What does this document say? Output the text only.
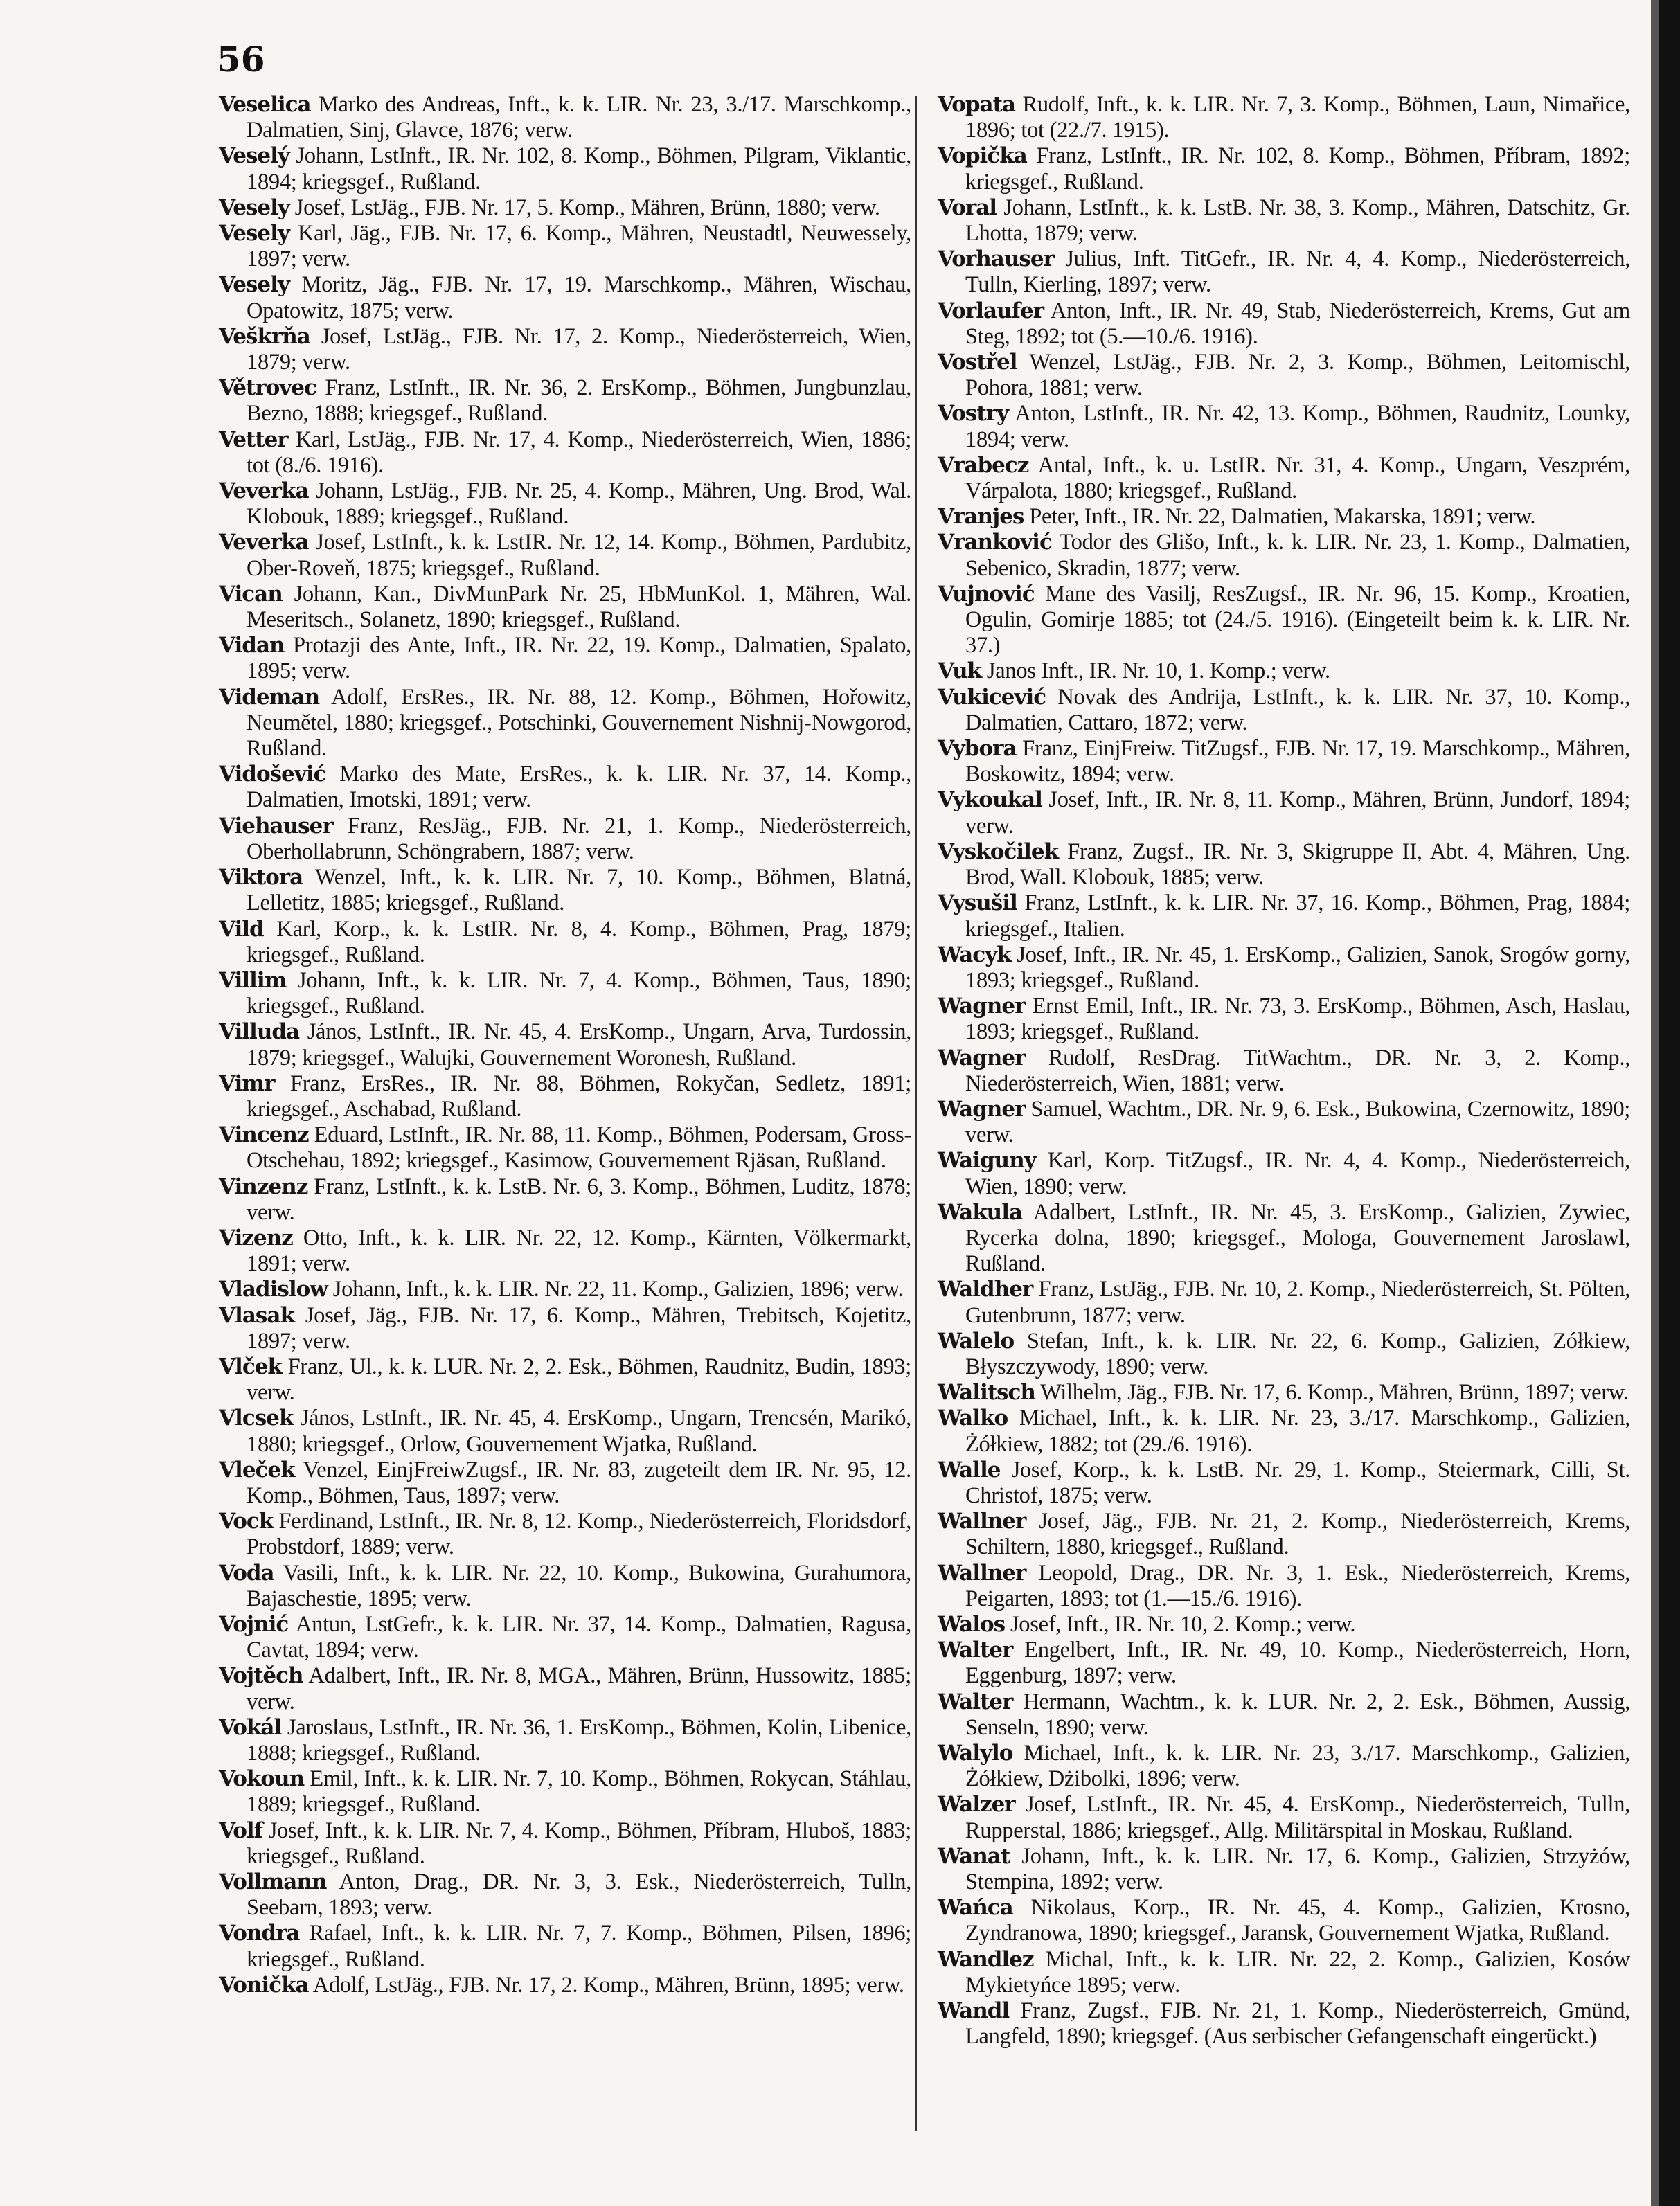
56

Veselica Marko des Andreas, Inft., k. k. LIR. Nr. 23, 3./17. Marschkomp., Dalmatien, Sinj, Glavce, 1876; verw.

Veselý Johann, LstInft., IR. Nr. 102, 8. Komp., Böhmen, Pilgram, Viklantic, 1894; kriegsgef., Rußland.

Vesely Josef, LstJäg., FJB. Nr. 17, 5. Komp., Mähren, Brünn, 1880; verw.

Vesely Karl, Jäg., FJB. Nr. 17, 6. Komp., Mähren, Neustadtl, Neuwessely, 1897; verw.

Vesely Moritz, Jäg., FJB. Nr. 17, 19. Marschkomp., Mähren, Wischau, Opatowitz, 1875; verw.

Veškrňa Josef, LstJäg., FJB. Nr. 17, 2. Komp., Niederösterreich, Wien, 1879; verw.

Větrovec Franz, LstInft., IR. Nr. 36, 2. ErsKomp., Böhmen, Jungbunzlau, Bezno, 1888; kriegsgef., Rußland.

Vetter Karl, LstJäg., FJB. Nr. 17, 4. Komp., Niederösterreich, Wien, 1886; tot (8./6. 1916).

Veverka Johann, LstJäg., FJB. Nr. 25, 4. Komp., Mähren, Ung. Brod, Wal. Klobouk, 1889; kriegsgef., Rußland.

Veverka Josef, LstInft., k. k. LstIR. Nr. 12, 14. Komp., Böhmen, Pardubitz, Ober-Roveň, 1875; kriegsgef., Rußland.

Vican Johann, Kan., DivMunPark Nr. 25, HbMunKol. 1, Mähren, Wal. Meseritsch., Solanetz, 1890; kriegsgef., Rußland.

Vidan Protazji des Ante, Inft., IR. Nr. 22, 19. Komp., Dalmatien, Spalato, 1895; verw.

Videman Adolf, ErsRes., IR. Nr. 88, 12. Komp., Böhmen, Hořowitz, Neumětel, 1880; kriegsgef., Potschinki, Gouvernement Nishnij-Nowgorod, Rußland.

Vidošević Marko des Mate, ErsRes., k. k. LIR. Nr. 37, 14. Komp., Dalmatien, Imotski, 1891; verw.

Viehauser Franz, ResJäg., FJB. Nr. 21, 1. Komp., Niederösterreich, Oberhollabrunn, Schöngrabern, 1887; verw.

Viktora Wenzel, Inft., k. k. LIR. Nr. 7, 10. Komp., Böhmen, Blatná, Lelletitz, 1885; kriegsgef., Rußland.

Vild Karl, Korp., k. k. LstIR. Nr. 8, 4. Komp., Böhmen, Prag, 1879; kriegsgef., Rußland.

Villim Johann, Inft., k. k. LIR. Nr. 7, 4. Komp., Böhmen, Taus, 1890; kriegsgef., Rußland.

Villuda János, LstInft., IR. Nr. 45, 4. ErsKomp., Ungarn, Arva, Turdossin, 1879; kriegsgef., Walujki, Gouvernement Woronesh, Rußland.

Vimr Franz, ErsRes., IR. Nr. 88, Böhmen, Rokyčan, Sedletz, 1891; kriegsgef., Aschabad, Rußland.

Vincenz Eduard, LstInft., IR. Nr. 88, 11. Komp., Böhmen, Podersam, Gross-Otschehau, 1892; kriegsgef., Kasimow, Gouvernement Rjäsan, Rußland.

Vinzenz Franz, LstInft., k. k. LstB. Nr. 6, 3. Komp., Böhmen, Luditz, 1878; verw.

Vizenz Otto, Inft., k. k. LIR. Nr. 22, 12. Komp., Kärnten, Völkermarkt, 1891; verw.

Vladislow Johann, Inft., k. k. LIR. Nr. 22, 11. Komp., Galizien, 1896; verw.

Vlasak Josef, Jäg., FJB. Nr. 17, 6. Komp., Mähren, Trebitsch, Kojetitz, 1897; verw.

Vlček Franz, Ul., k. k. LUR. Nr. 2, 2. Esk., Böhmen, Raudnitz, Budin, 1893; verw.

Vlcsek János, LstInft., IR. Nr. 45, 4. ErsKomp., Ungarn, Trencsén, Marikó, 1880; kriegsgef., Orlow, Gouvernement Wjatka, Rußland.

Vleček Venzel, EinjFreiwZugsf., IR. Nr. 83, zugeteilt dem IR. Nr. 95, 12. Komp., Böhmen, Taus, 1897; verw.

Vock Ferdinand, LstInft., IR. Nr. 8, 12. Komp., Niederösterreich, Floridsdorf, Probstdorf, 1889; verw.

Voda Vasili, Inft., k. k. LIR. Nr. 22, 10. Komp., Bukowina, Gurahumora, Bajaschestie, 1895; verw.

Vojnić Antun, LstGefr., k. k. LIR. Nr. 37, 14. Komp., Dalmatien, Ragusa, Cavtat, 1894; verw.

Vojtěch Adalbert, Inft., IR. Nr. 8, MGA., Mähren, Brünn, Hussowitz, 1885; verw.

Vokál Jaroslaus, LstInft., IR. Nr. 36, 1. ErsKomp., Böhmen, Kolin, Libenice, 1888; kriegsgef., Rußland.

Vokoun Emil, Inft., k. k. LIR. Nr. 7, 10. Komp., Böhmen, Rokycan, Stáhlau, 1889; kriegsgef., Rußland.

Volf Josef, Inft., k. k. LIR. Nr. 7, 4. Komp., Böhmen, Příbram, Hluboš, 1883; kriegsgef., Rußland.

Vollmann Anton, Drag., DR. Nr. 3, 3. Esk., Niederösterreich, Tulln, Seebarn, 1893; verw.

Vondra Rafael, Inft., k. k. LIR. Nr. 7, 7. Komp., Böhmen, Pilsen, 1896; kriegsgef., Rußland.

Vonička Adolf, LstJäg., FJB. Nr. 17, 2. Komp., Mähren, Brünn, 1895; verw.

Vopata Rudolf, Inft., k. k. LIR. Nr. 7, 3. Komp., Böhmen, Laun, Nimařice, 1896; tot (22./7. 1915).

Vopička Franz, LstInft., IR. Nr. 102, 8. Komp., Böhmen, Příbram, 1892; kriegsgef., Rußland.

Voral Johann, LstInft., k. k. LstB. Nr. 38, 3. Komp., Mähren, Datschitz, Gr. Lhotta, 1879; verw.

Vorhauser Julius, Inft. TitGefr., IR. Nr. 4, 4. Komp., Niederösterreich, Tulln, Kierling, 1897; verw.

Vorlaufer Anton, Inft., IR. Nr. 49, Stab, Niederösterreich, Krems, Gut am Steg, 1892; tot (5.—10./6. 1916).

Vostřel Wenzel, LstJäg., FJB. Nr. 2, 3. Komp., Böhmen, Leitomischl, Pohora, 1881; verw.

Vostry Anton, LstInft., IR. Nr. 42, 13. Komp., Böhmen, Raudnitz, Lounky, 1894; verw.

Vrabecz Antal, Inft., k. u. LstIR. Nr. 31, 4. Komp., Ungarn, Veszprém, Várpalota, 1880; kriegsgef., Rußland.

Vranjes Peter, Inft., IR. Nr. 22, Dalmatien, Makarska, 1891; verw.

Vranković Todor des Glišo, Inft., k. k. LIR. Nr. 23, 1. Komp., Dalmatien, Sebenico, Skradin, 1877; verw.

Vujnović Mane des Vasilj, ResZugsf., IR. Nr. 96, 15. Komp., Kroatien, Ogulin, Gomirje 1885; tot (24./5. 1916). (Eingeteilt beim k. k. LIR. Nr. 37.)

Vuk Janos Inft., IR. Nr. 10, 1. Komp.; verw.

Vukicević Novak des Andrija, LstInft., k. k. LIR. Nr. 37, 10. Komp., Dalmatien, Cattaro, 1872; verw.

Vybora Franz, EinjFreiw. TitZugsf., FJB. Nr. 17, 19. Marschkomp., Mähren, Boskowitz, 1894; verw.

Vykoukal Josef, Inft., IR. Nr. 8, 11. Komp., Mähren, Brünn, Jundorf, 1894; verw.

Vyskočilek Franz, Zugsf., IR. Nr. 3, Skigruppe II, Abt. 4, Mähren, Ung. Brod, Wall. Klobouk, 1885; verw.

Vysušil Franz, LstInft., k. k. LIR. Nr. 37, 16. Komp., Böhmen, Prag, 1884; kriegsgef., Italien.

Wacyk Josef, Inft., IR. Nr. 45, 1. ErsKomp., Galizien, Sanok, Srogów gorny, 1893; kriegsgef., Rußland.

Wagner Ernst Emil, Inft., IR. Nr. 73, 3. ErsKomp., Böhmen, Asch, Haslau, 1893; kriegsgef., Rußland.

Wagner Rudolf, ResDrag. TitWachtm., DR. Nr. 3, 2. Komp., Niederösterreich, Wien, 1881; verw.

Wagner Samuel, Wachtm., DR. Nr. 9, 6. Esk., Bukowina, Czernowitz, 1890; verw.

Waiguny Karl, Korp. TitZugsf., IR. Nr. 4, 4. Komp., Niederösterreich, Wien, 1890; verw.

Wakula Adalbert, LstInft., IR. Nr. 45, 3. ErsKomp., Galizien, Zywiec, Rycerka dolna, 1890; kriegsgef., Mologa, Gouvernement Jaroslawl, Rußland.

Waldher Franz, LstJäg., FJB. Nr. 10, 2. Komp., Niederösterreich, St. Pölten, Gutenbrunn, 1877; verw.

Walelo Stefan, Inft., k. k. LIR. Nr. 22, 6. Komp., Galizien, Zółkiew, Błyszczywody, 1890; verw.

Walitsch Wilhelm, Jäg., FJB. Nr. 17, 6. Komp., Mähren, Brünn, 1897; verw.

Walko Michael, Inft., k. k. LIR. Nr. 23, 3./17. Marschkomp., Galizien, Żółkiew, 1882; tot (29./6. 1916).

Walle Josef, Korp., k. k. LstB. Nr. 29, 1. Komp., Steiermark, Cilli, St. Christof, 1875; verw.

Wallner Josef, Jäg., FJB. Nr. 21, 2. Komp., Niederösterreich, Krems, Schiltern, 1880, kriegsgef., Rußland.

Wallner Leopold, Drag., DR. Nr. 3, 1. Esk., Niederösterreich, Krems, Peigarten, 1893; tot (1.—15./6. 1916).

Walos Josef, Inft., IR. Nr. 10, 2. Komp.; verw.

Walter Engelbert, Inft., IR. Nr. 49, 10. Komp., Niederösterreich, Horn, Eggenburg, 1897; verw.

Walter Hermann, Wachtm., k. k. LUR. Nr. 2, 2. Esk., Böhmen, Aussig, Senseln, 1890; verw.

Walylo Michael, Inft., k. k. LIR. Nr. 23, 3./17. Marschkomp., Galizien, Żółkiew, Dżibolki, 1896; verw.

Walzer Josef, LstInft., IR. Nr. 45, 4. ErsKomp., Niederösterreich, Tulln, Rupperstal, 1886; kriegsgef., Allg. Militärspital in Moskau, Rußland.

Wanat Johann, Inft., k. k. LIR. Nr. 17, 6. Komp., Galizien, Strzyżów, Stempina, 1892; verw.

Wańca Nikolaus, Korp., IR. Nr. 45, 4. Komp., Galizien, Krosno, Zyndranowa, 1890; kriegsgef., Jaransk, Gouvernement Wjatka, Rußland.

Wandlez Michal, Inft., k. k. LIR. Nr. 22, 2. Komp., Galizien, Kosów Mykietyńce 1895; verw.

Wandl Franz, Zugsf., FJB. Nr. 21, 1. Komp., Niederösterreich, Gmünd, Langfeld, 1890; kriegsgef. (Aus serbischer Gefangenschaft eingerückt.)
